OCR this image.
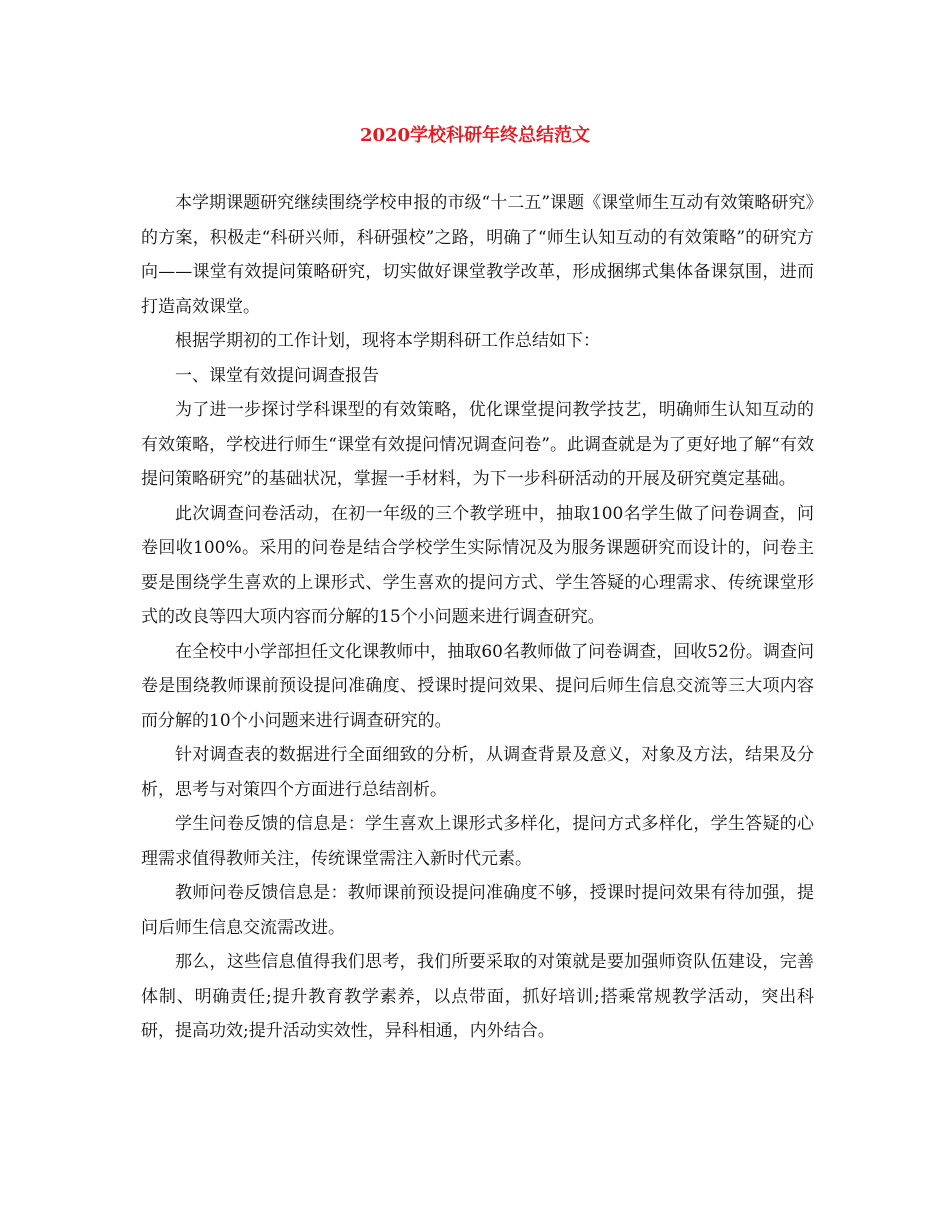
2020学校科研年终总结范文

本学期课题研究继续围绕学校申报的市级“十二五”课题《课堂师生互动有效策略研究》的方案，积极走“科研兴师，科研强校”之路，明确了“师生认知互动的有效策略”的研究方向——课堂有效提问策略研究，切实做好课堂教学改革，形成捆绑式集体备课氛围，进而打造高效课堂。

根据学期初的工作计划，现将本学期科研工作总结如下：

一、课堂有效提问调查报告

为了进一步探讨学科课型的有效策略，优化课堂提问教学技艺，明确师生认知互动的有效策略，学校进行师生“课堂有效提问情况调查问卷”。此调查就是为了更好地了解“有效提问策略研究”的基础状况，掌握一手材料，为下一步科研活动的开展及研究奠定基础。

此次调查问卷活动，在初一年级的三个教学班中，抽取100名学生做了问卷调查，问卷回收100%。采用的问卷是结合学校学生实际情况及为服务课题研究而设计的，问卷主要是围绕学生喜欢的上课形式、学生喜欢的提问方式、学生答疑的心理需求、传统课堂形式的改良等四大项内容而分解的15个小问题来进行调查研究。

在全校中小学部担任文化课教师中，抽取60名教师做了问卷调查，回收52份。调查问卷是围绕教师课前预设提问准确度、授课时提问效果、提问后师生信息交流等三大项内容而分解的10个小问题来进行调查研究的。

针对调查表的数据进行全面细致的分析，从调查背景及意义，对象及方法，结果及分析，思考与对策四个方面进行总结剖析。

学生问卷反馈的信息是：学生喜欢上课形式多样化，提问方式多样化，学生答疑的心理需求值得教师关注，传统课堂需注入新时代元素。

教师问卷反馈信息是：教师课前预设提问准确度不够，授课时提问效果有待加强，提问后师生信息交流需改进。

那么，这些信息值得我们思考，我们所要采取的对策就是要加强师资队伍建设，完善体制、明确责任;提升教育教学素养，以点带面，抓好培训;搭乘常规教学活动，突出科研，提高功效;提升活动实效性，异科相通，内外结合。
